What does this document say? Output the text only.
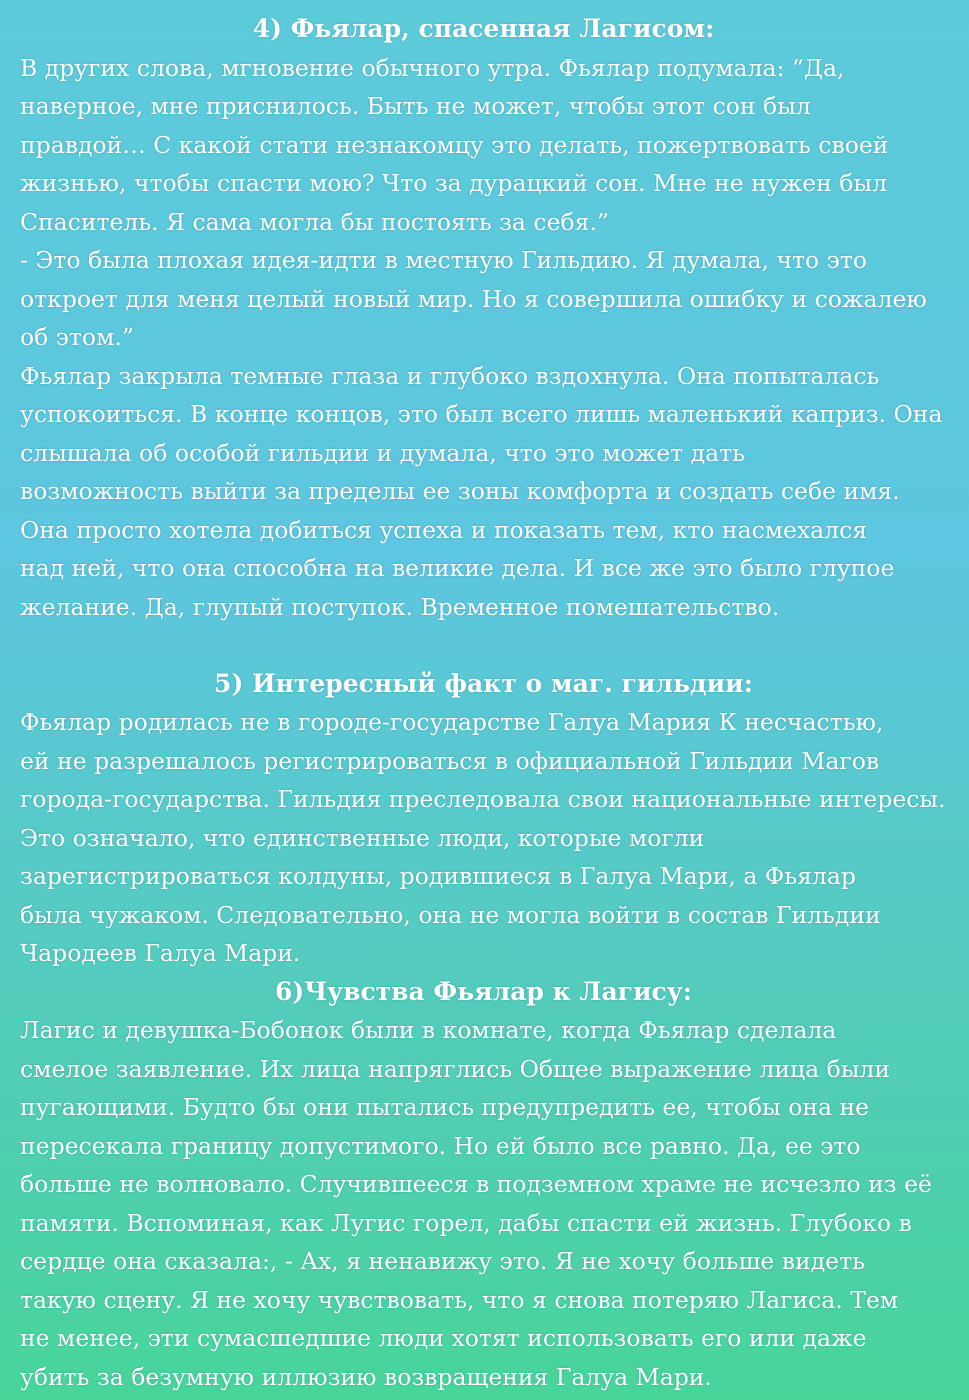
4) Фьялар, спасенная Лагисом:
В других слова, мгновение обычного утра. Фьялар подумала: “Да,
наверное, мне приснилось. Быть не может, чтобы этот сон был
правдой… С какой стати незнакомцу это делать, пожертвовать своей
жизнью, чтобы спасти мою? Что за дурацкий сон. Мне не нужен был
Спаситель. Я сама могла бы постоять за себя.”
- Это была плохая идея-идти в местную Гильдию. Я думала, что это
откроет для меня целый новый мир. Но я совершила ошибку и сожалею
об этом.”
Фьялар закрыла темные глаза и глубоко вздохнула. Она попыталась
успокоиться. В конце концов, это был всего лишь маленький каприз. Она
слышала об особой гильдии и думала, что это может дать
возможность выйти за пределы ее зоны комфорта и создать себе имя.
Она просто хотела добиться успеха и показать тем, кто насмехался
над ней, что она способна на великие дела. И все же это было глупое
желание. Да, глупый поступок. Временное помешательство.
5) Интересный факт о маг. гильдии:
Фьялар родилась не в городе-государстве Галуа Мария К несчастью,
ей не разрешалось регистрироваться в официальной Гильдии Магов
города-государства. Гильдия преследовала свои национальные интересы.
Это означало, что единственные люди, которые могли
зарегистрироваться колдуны, родившиеся в Галуа Мари, а Фьялар
была чужаком. Следовательно, она не могла войти в состав Гильдии
Чародеев Галуа Мари.
6)Чувства Фьялар к Лагису:
Лагис и девушка-Бобонок были в комнате, когда Фьялар сделала
смелое заявление. Их лица напряглись Общее выражение лица были
пугающими. Будто бы они пытались предупредить ее, чтобы она не
пересекала границу допустимого. Но ей было все равно. Да, ее это
больше не волновало. Случившееся в подземном храме не исчезло из её
памяти. Вспоминая, как Лугис горел, дабы спасти ей жизнь. Глубоко в
сердце она сказала:, - Ах, я ненавижу это. Я не хочу больше видеть
такую сцену. Я не хочу чувствовать, что я снова потеряю Лагиса. Тем
не менее, эти сумасшедшие люди хотят использовать его или даже
убить за безумную иллюзию возвращения Галуа Мари.
